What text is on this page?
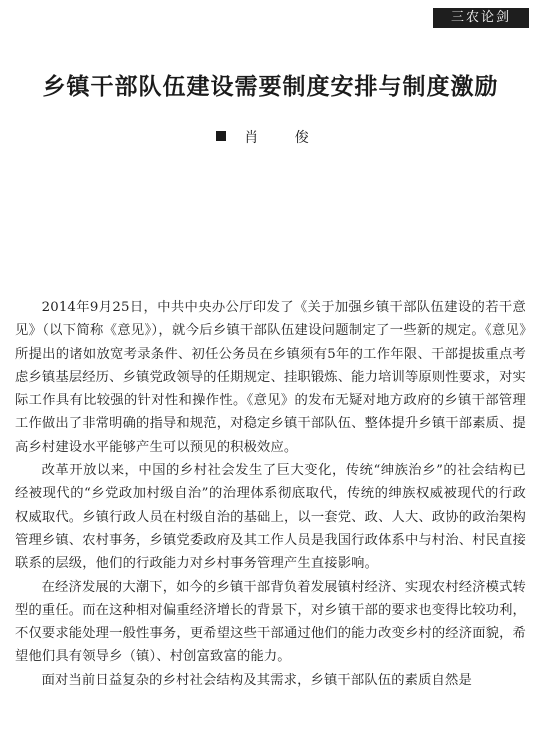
三农论剑
乡镇干部队伍建设需要制度安排与制度激励
肖 俊

2014年9月25日，中共中央办公厅印发了《关于加强乡镇干部队伍建设的若干意见》（以下简称《意见》），就今后乡镇干部队伍建设问题制定了一些新的规定。《意见》所提出的诸如放宽考录条件、初任公务员在乡镇须有5年的工作年限、干部提拔重点考虑乡镇基层经历、乡镇党政领导的任期规定、挂职锻炼、能力培训等原则性要求，对实际工作具有比较强的针对性和操作性。《意见》的发布无疑对地方政府的乡镇干部管理工作做出了非常明确的指导和规范，对稳定乡镇干部队伍、整体提升乡镇干部素质、提高乡村建设水平能够产生可以预见的积极效应。

改革开放以来，中国的乡村社会发生了巨大变化，传统“绅族治乡”的社会结构已经被现代的“乡党政加村级自治”的治理体系彻底取代，传统的绅族权威被现代的行政权威取代。乡镇行政人员在村级自治的基础上，以一套党、政、人大、政协的政治架构管理乡镇、农村事务，乡镇党委政府及其工作人员是我国行政体系中与村治、村民直接联系的层级，他们的行政能力对乡村事务管理产生直接影响。

在经济发展的大潮下，如今的乡镇干部背负着发展镇村经济、实现农村经济模式转型的重任。而在这种相对偏重经济增长的背景下，对乡镇干部的要求也变得比较功利，不仅要求能处理一般性事务，更希望这些干部通过他们的能力改变乡村的经济面貌，希望他们具有领导乡（镇）、村创富致富的能力。

面对当前日益复杂的乡村社会结构及其需求，乡镇干部队伍的素质自然是
